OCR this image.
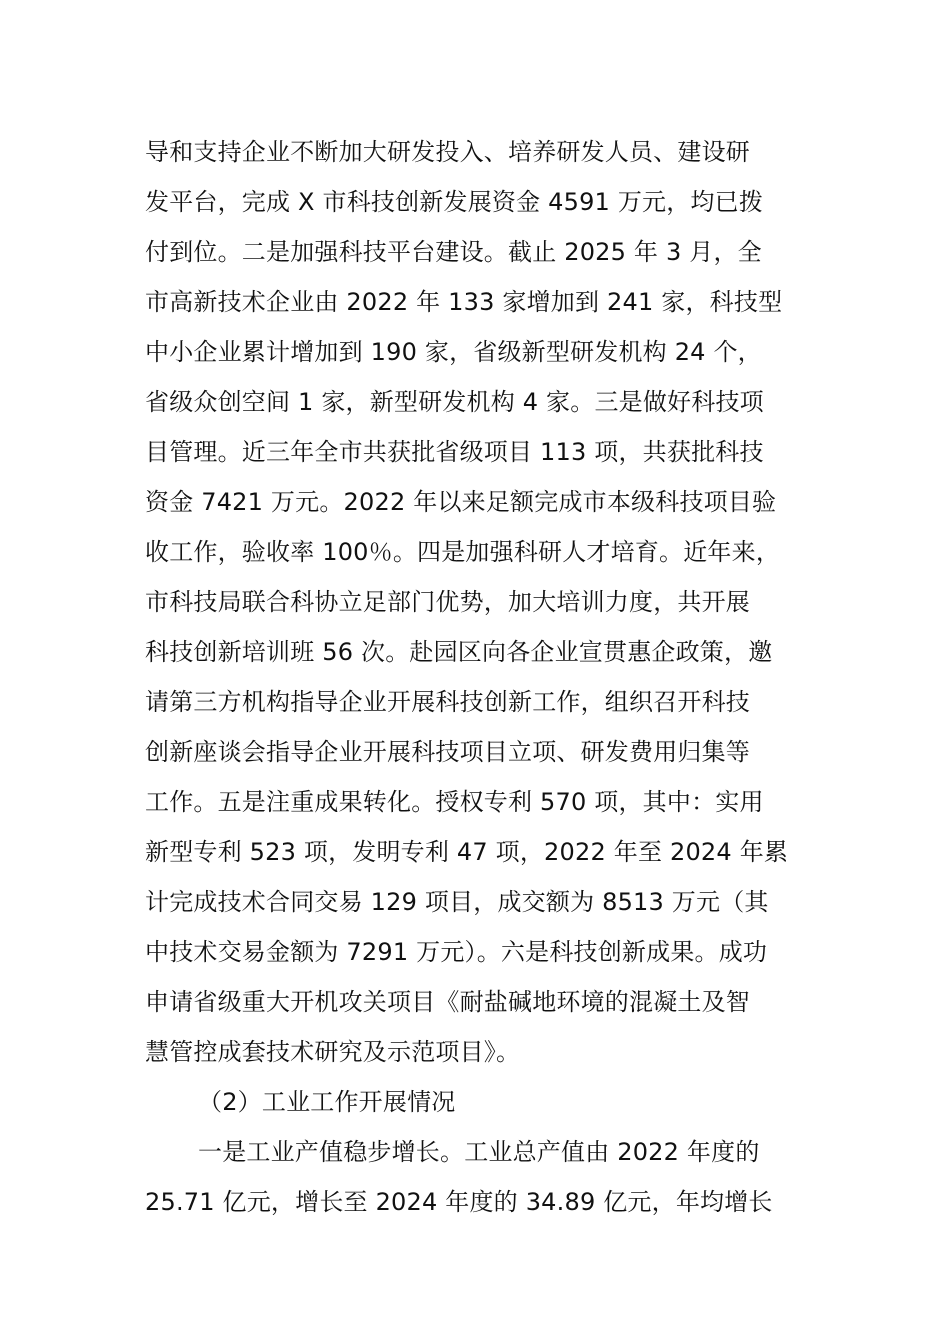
导和支持企业不断加大研发投入、培养研发人员、建设研
发平台，完成 X 市科技创新发展资金 4591 万元，均已拨
付到位。二是加强科技平台建设。截止 2025 年 3 月，全
市高新技术企业由 2022 年 133 家增加到 241 家，科技型
中小企业累计增加到 190 家，省级新型研发机构 24 个，
省级众创空间 1 家，新型研发机构 4 家。三是做好科技项
目管理。近三年全市共获批省级项目 113 项，共获批科技
资金 7421 万元。2022 年以来足额完成市本级科技项目验
收工作，验收率 100％。四是加强科研人才培育。近年来，
市科技局联合科协立足部门优势，加大培训力度，共开展
科技创新培训班 56 次。赴园区向各企业宣贯惠企政策，邀
请第三方机构指导企业开展科技创新工作，组织召开科技
创新座谈会指导企业开展科技项目立项、研发费用归集等
工作。五是注重成果转化。授权专利 570 项，其中：实用
新型专利 523 项，发明专利 47 项，2022 年至 2024 年累
计完成技术合同交易 129 项目，成交额为 8513 万元（其
中技术交易金额为 7291 万元）。六是科技创新成果。成功
申请省级重大开机攻关项目《耐盐碱地环境的混凝土及智
慧管控成套技术研究及示范项目》。
（2）工业工作开展情况
一是工业产值稳步增长。工业总产值由 2022 年度的
25.71 亿元，增长至 2024 年度的 34.89 亿元，年均增长
